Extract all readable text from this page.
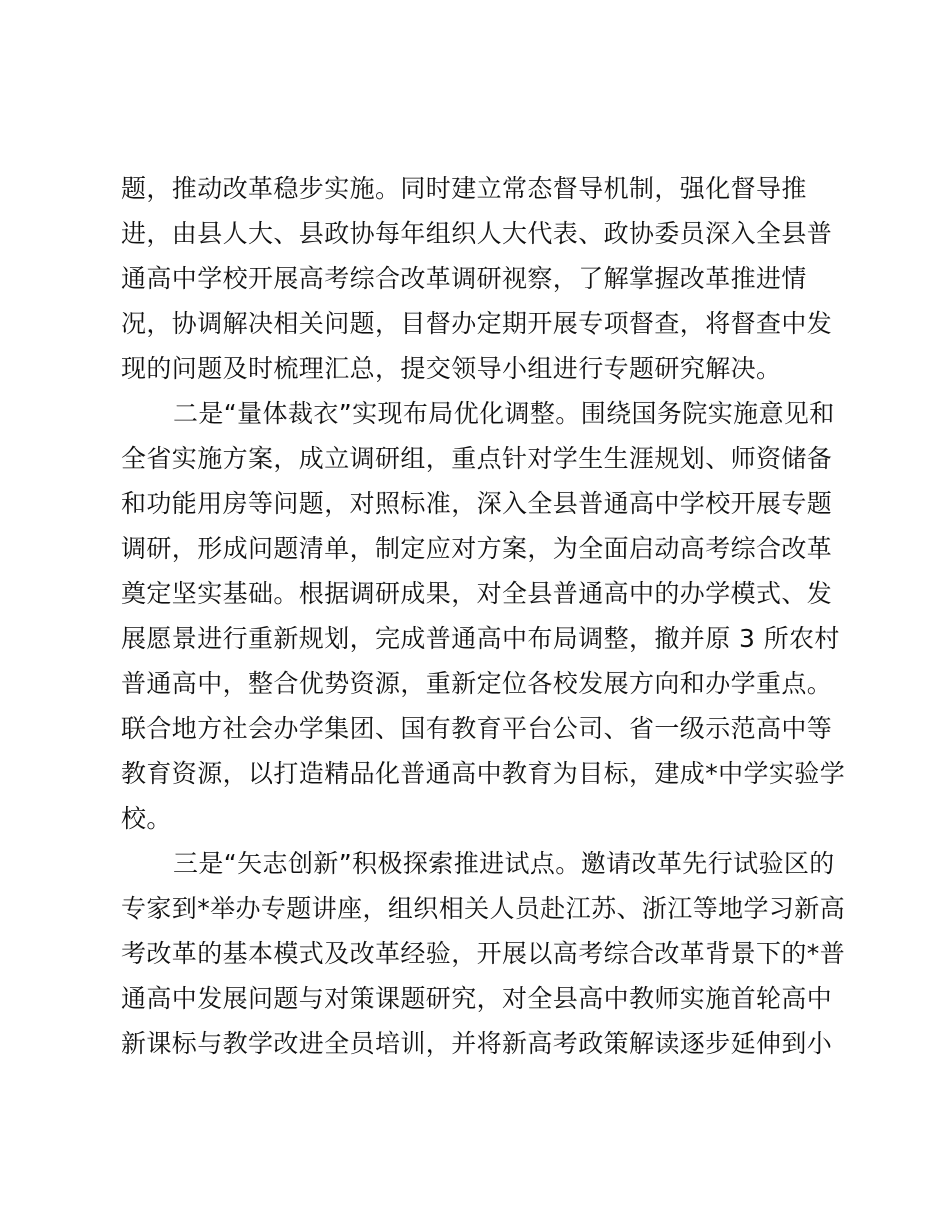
题，推动改革稳步实施。同时建立常态督导机制，强化督导推
进，由县人大、县政协每年组织人大代表、政协委员深入全县普
通高中学校开展高考综合改革调研视察，了解掌握改革推进情
况，协调解决相关问题，目督办定期开展专项督查，将督查中发
现的问题及时梳理汇总，提交领导小组进行专题研究解决。
二是“量体裁衣”实现布局优化调整。围绕国务院实施意见和
全省实施方案，成立调研组，重点针对学生生涯规划、师资储备
和功能用房等问题，对照标准，深入全县普通高中学校开展专题
调研，形成问题清单，制定应对方案，为全面启动高考综合改革
奠定坚实基础。根据调研成果，对全县普通高中的办学模式、发
展愿景进行重新规划，完成普通高中布局调整，撤并原 3 所农村
普通高中，整合优势资源，重新定位各校发展方向和办学重点。
联合地方社会办学集团、国有教育平台公司、省一级示范高中等
教育资源，以打造精品化普通高中教育为目标，建成*中学实验学
校。
三是“矢志创新”积极探索推进试点。邀请改革先行试验区的
专家到*举办专题讲座，组织相关人员赴江苏、浙江等地学习新高
考改革的基本模式及改革经验，开展以高考综合改革背景下的*普
通高中发展问题与对策课题研究，对全县高中教师实施首轮高中
新课标与教学改进全员培训，并将新高考政策解读逐步延伸到小
